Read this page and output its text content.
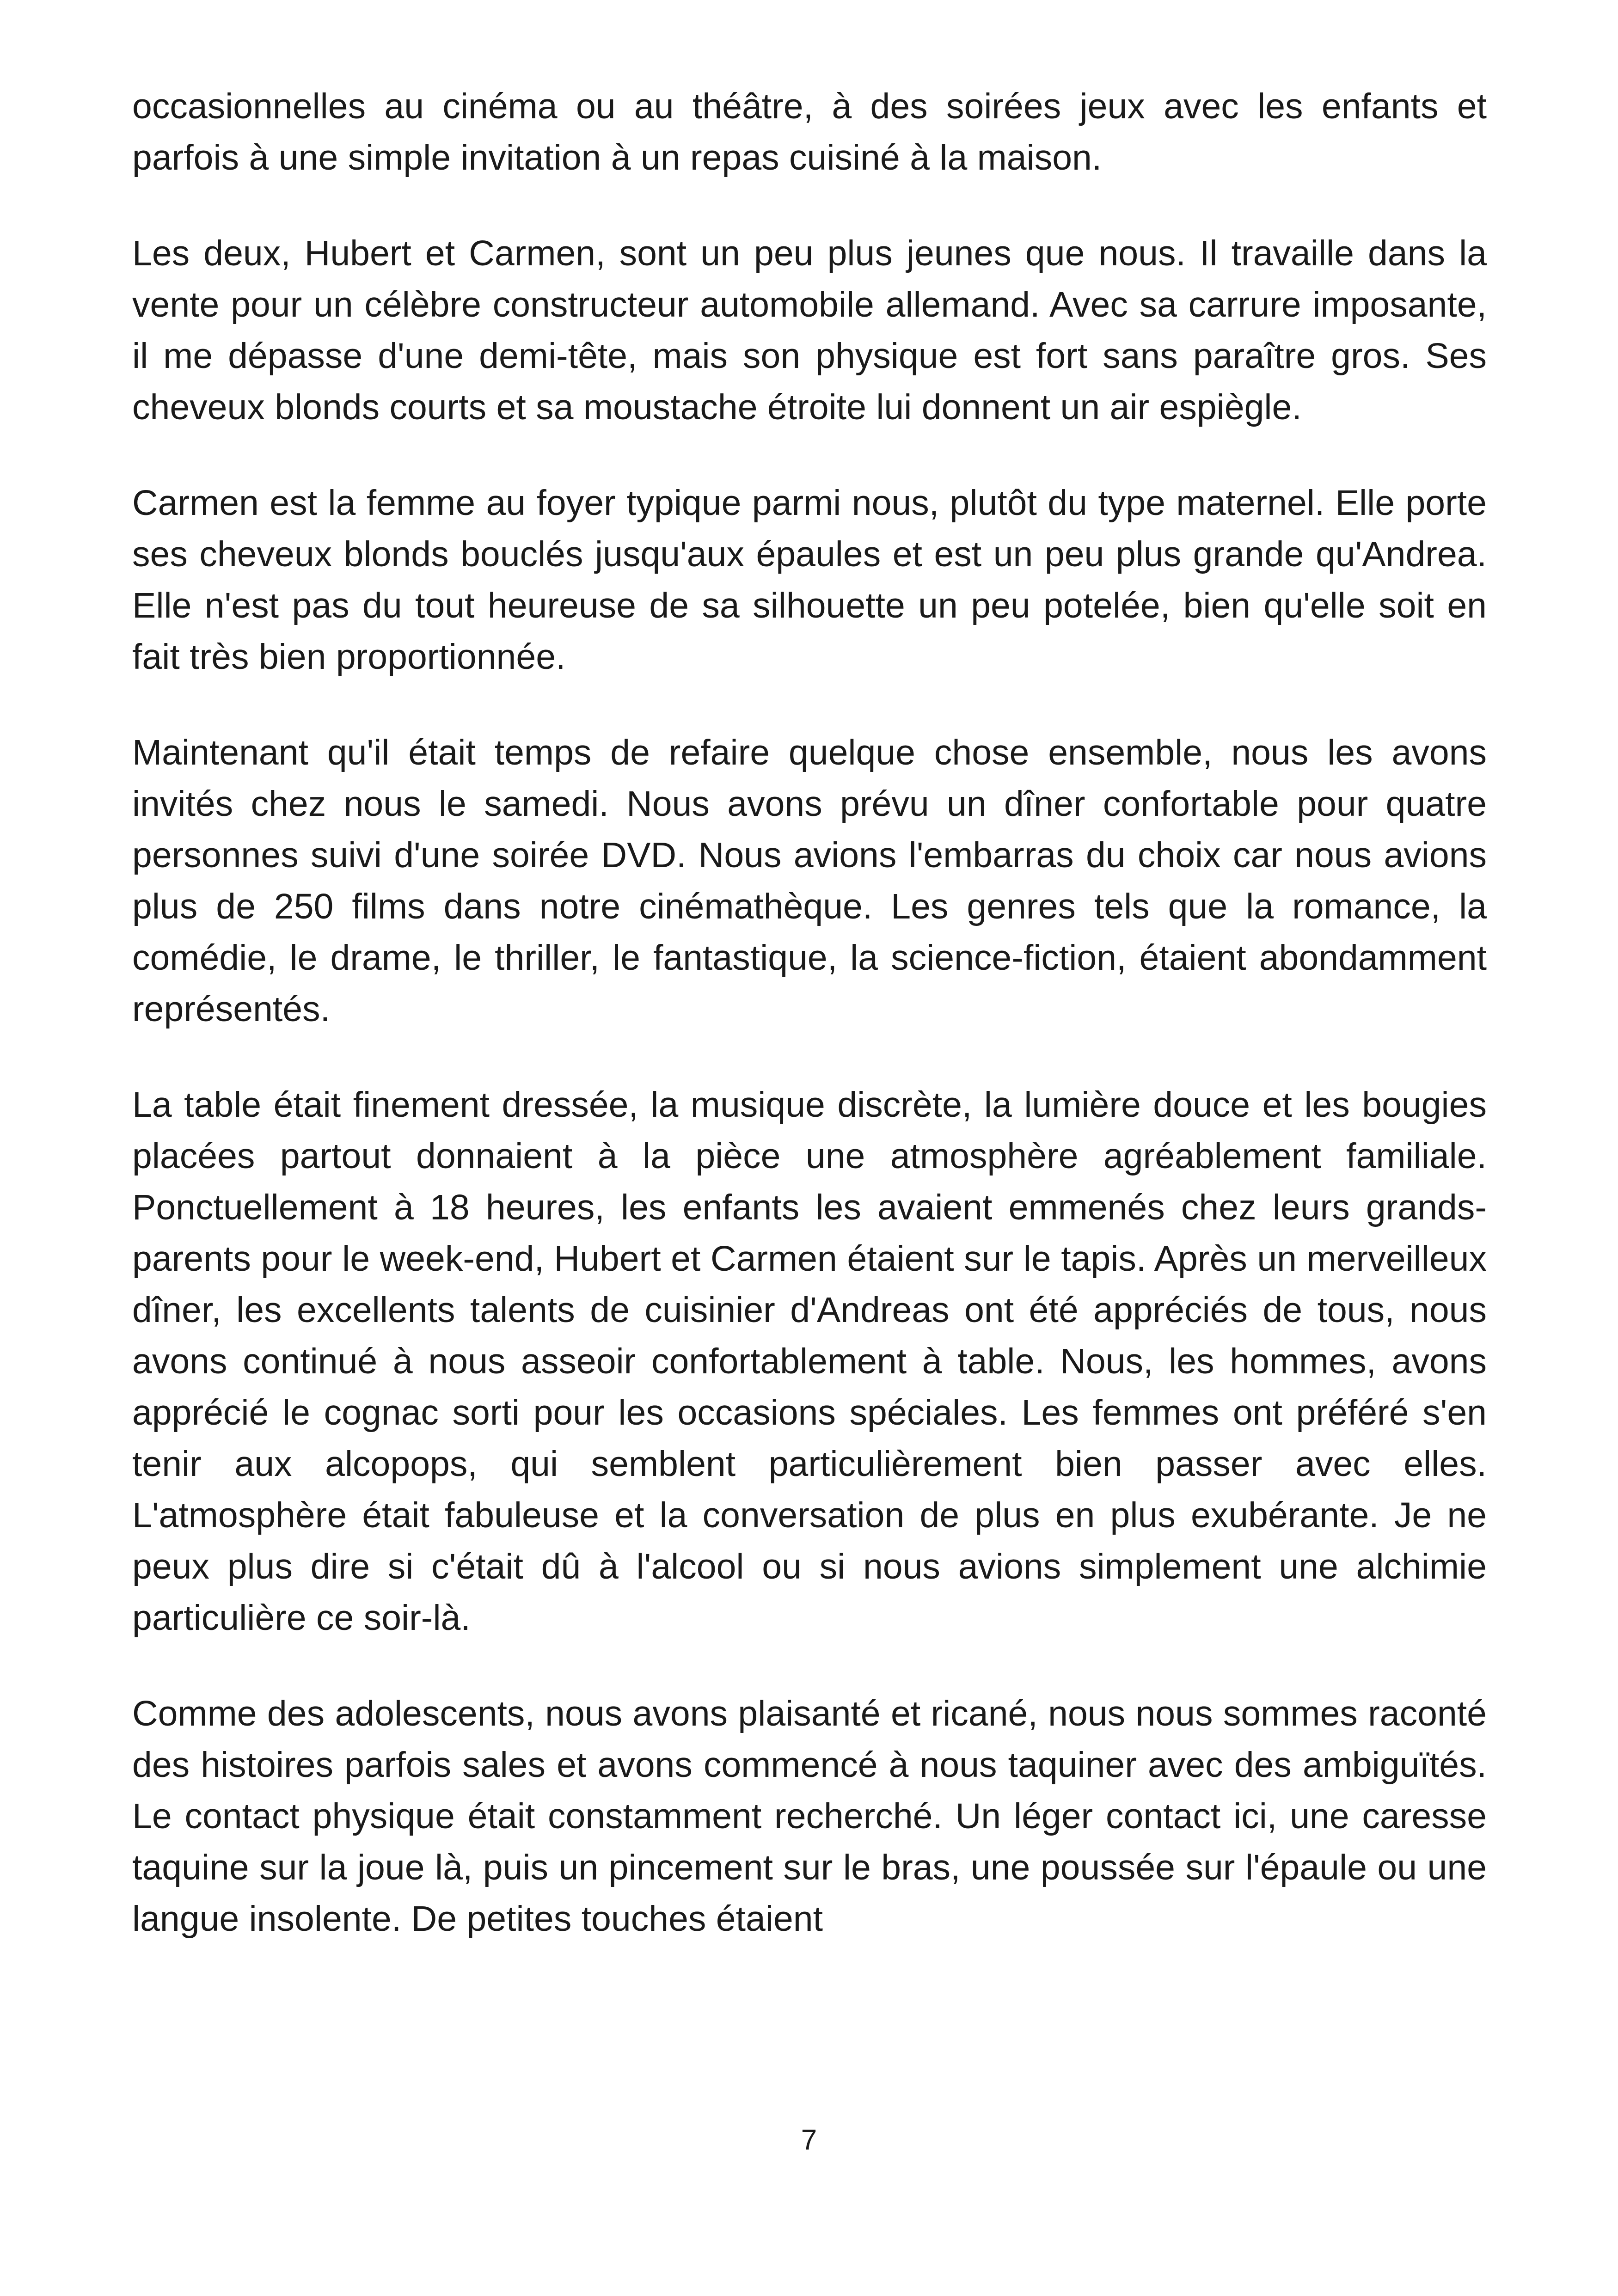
occasionnelles au cinéma ou au théâtre, à des soirées jeux avec les enfants et parfois à une simple invitation à un repas cuisiné à la maison.

Les deux, Hubert et Carmen, sont un peu plus jeunes que nous. Il travaille dans la vente pour un célèbre constructeur automobile allemand. Avec sa carrure imposante, il me dépasse d'une demi-tête, mais son physique est fort sans paraître gros. Ses cheveux blonds courts et sa moustache étroite lui donnent un air espiègle.

Carmen est la femme au foyer typique parmi nous, plutôt du type maternel. Elle porte ses cheveux blonds bouclés jusqu'aux épaules et est un peu plus grande qu'Andrea. Elle n'est pas du tout heureuse de sa silhouette un peu potelée, bien qu'elle soit en fait très bien proportionnée.

Maintenant qu'il était temps de refaire quelque chose ensemble, nous les avons invités chez nous le samedi. Nous avons prévu un dîner confortable pour quatre personnes suivi d'une soirée DVD. Nous avions l'embarras du choix car nous avions plus de 250 films dans notre cinémathèque. Les genres tels que la romance, la comédie, le drame, le thriller, le fantastique, la science-fiction, étaient abondamment représentés.

La table était finement dressée, la musique discrète, la lumière douce et les bougies placées partout donnaient à la pièce une atmosphère agréablement familiale. Ponctuellement à 18 heures, les enfants les avaient emmenés chez leurs grands-parents pour le week-end, Hubert et Carmen étaient sur le tapis. Après un merveilleux dîner, les excellents talents de cuisinier d'Andreas ont été appréciés de tous, nous avons continué à nous asseoir confortablement à table. Nous, les hommes, avons apprécié le cognac sorti pour les occasions spéciales. Les femmes ont préféré s'en tenir aux alcopops, qui semblent particulièrement bien passer avec elles. L'atmosphère était fabuleuse et la conversation de plus en plus exubérante. Je ne peux plus dire si c'était dû à l'alcool ou si nous avions simplement une alchimie particulière ce soir-là.

Comme des adolescents, nous avons plaisanté et ricané, nous nous sommes raconté des histoires parfois sales et avons commencé à nous taquiner avec des ambiguïtés. Le contact physique était constamment recherché. Un léger contact ici, une caresse taquine sur la joue là, puis un pincement sur le bras, une poussée sur l'épaule ou une langue insolente. De petites touches étaient

7
